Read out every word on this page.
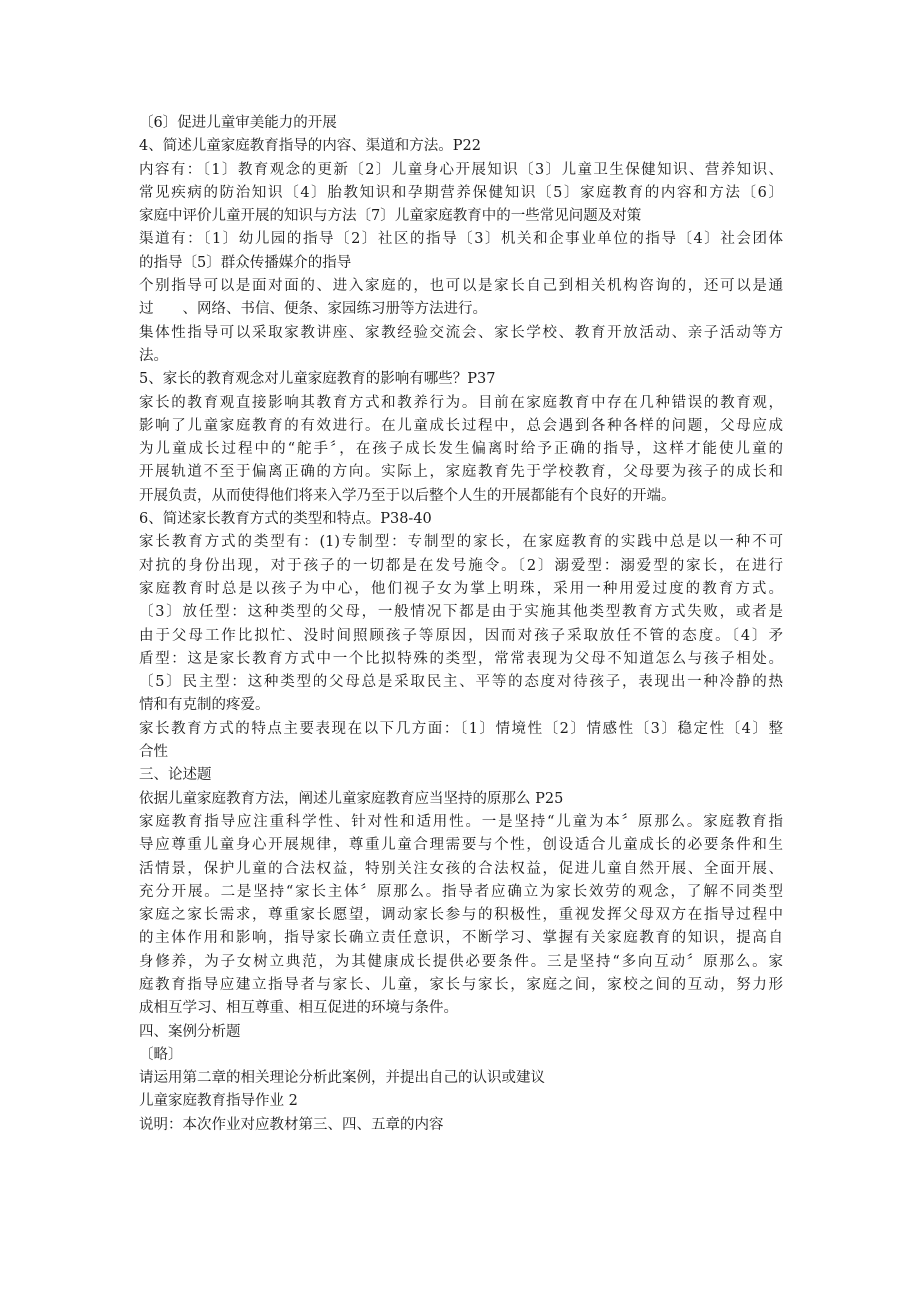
〔6〕促进儿童审美能力的开展
4、简述儿童家庭教育指导的内容、渠道和方法。P22
内容有：〔1〕教育观念的更新〔2〕儿童身心开展知识〔3〕儿童卫生保健知识、营养知识、
常见疾病的防治知识〔4〕胎教知识和孕期营养保健知识〔5〕家庭教育的内容和方法〔6〕
家庭中评价儿童开展的知识与方法〔7〕儿童家庭教育中的一些常见问题及对策
渠道有：〔1〕幼儿园的指导〔2〕社区的指导〔3〕机关和企事业单位的指导〔4〕社会团体
的指导〔5〕群众传播媒介的指导
个别指导可以是面对面的、进入家庭的，也可以是家长自己到相关机构咨询的，还可以是通
过　　、网络、书信、便条、家园练习册等方法进行。
集体性指导可以采取家教讲座、家教经验交流会、家长学校、教育开放活动、亲子活动等方
法。
5、家长的教育观念对儿童家庭教育的影响有哪些？P37
家长的教育观直接影响其教育方式和教养行为。目前在家庭教育中存在几种错误的教育观，
影响了儿童家庭教育的有效进行。在儿童成长过程中，总会遇到各种各样的问题，父母应成
为儿童成长过程中的“舵手〞，在孩子成长发生偏离时给予正确的指导，这样才能使儿童的
开展轨道不至于偏离正确的方向。实际上，家庭教育先于学校教育，父母要为孩子的成长和
开展负责，从而使得他们将来入学乃至于以后整个人生的开展都能有个良好的开端。
6、简述家长教育方式的类型和特点。P38-40
家长教育方式的类型有：(1)专制型：专制型的家长，在家庭教育的实践中总是以一种不可
对抗的身份出现，对于孩子的一切都是在发号施令。〔2〕溺爱型：溺爱型的家长，在进行
家庭教育时总是以孩子为中心，他们视子女为掌上明珠，采用一种用爱过度的教育方式。
〔3〕放任型：这种类型的父母，一般情况下都是由于实施其他类型教育方式失败，或者是
由于父母工作比拟忙、没时间照顾孩子等原因，因而对孩子采取放任不管的态度。〔4〕矛
盾型：这是家长教育方式中一个比拟特殊的类型，常常表现为父母不知道怎么与孩子相处。
〔5〕民主型：这种类型的父母总是采取民主、平等的态度对待孩子，表现出一种冷静的热
情和有克制的疼爱。
家长教育方式的特点主要表现在以下几方面：〔1〕情境性〔2〕情感性〔3〕稳定性〔4〕整
合性
三、论述题
依据儿童家庭教育方法，阐述儿童家庭教育应当坚持的原那么 P25
家庭教育指导应注重科学性、针对性和适用性。一是坚持“儿童为本〞原那么。家庭教育指
导应尊重儿童身心开展规律，尊重儿童合理需要与个性，创设适合儿童成长的必要条件和生
活情景，保护儿童的合法权益，特别关注女孩的合法权益，促进儿童自然开展、全面开展、
充分开展。二是坚持“家长主体〞原那么。指导者应确立为家长效劳的观念，了解不同类型
家庭之家长需求，尊重家长愿望，调动家长参与的积极性，重视发挥父母双方在指导过程中
的主体作用和影响，指导家长确立责任意识，不断学习、掌握有关家庭教育的知识，提高自
身修养，为子女树立典范，为其健康成长提供必要条件。三是坚持“多向互动〞原那么。家
庭教育指导应建立指导者与家长、儿童，家长与家长，家庭之间，家校之间的互动，努力形
成相互学习、相互尊重、相互促进的环境与条件。
四、案例分析题
〔略〕
请运用第二章的相关理论分析此案例，并提出自己的认识或建议
儿童家庭教育指导作业 2
说明：本次作业对应教材第三、四、五章的内容
